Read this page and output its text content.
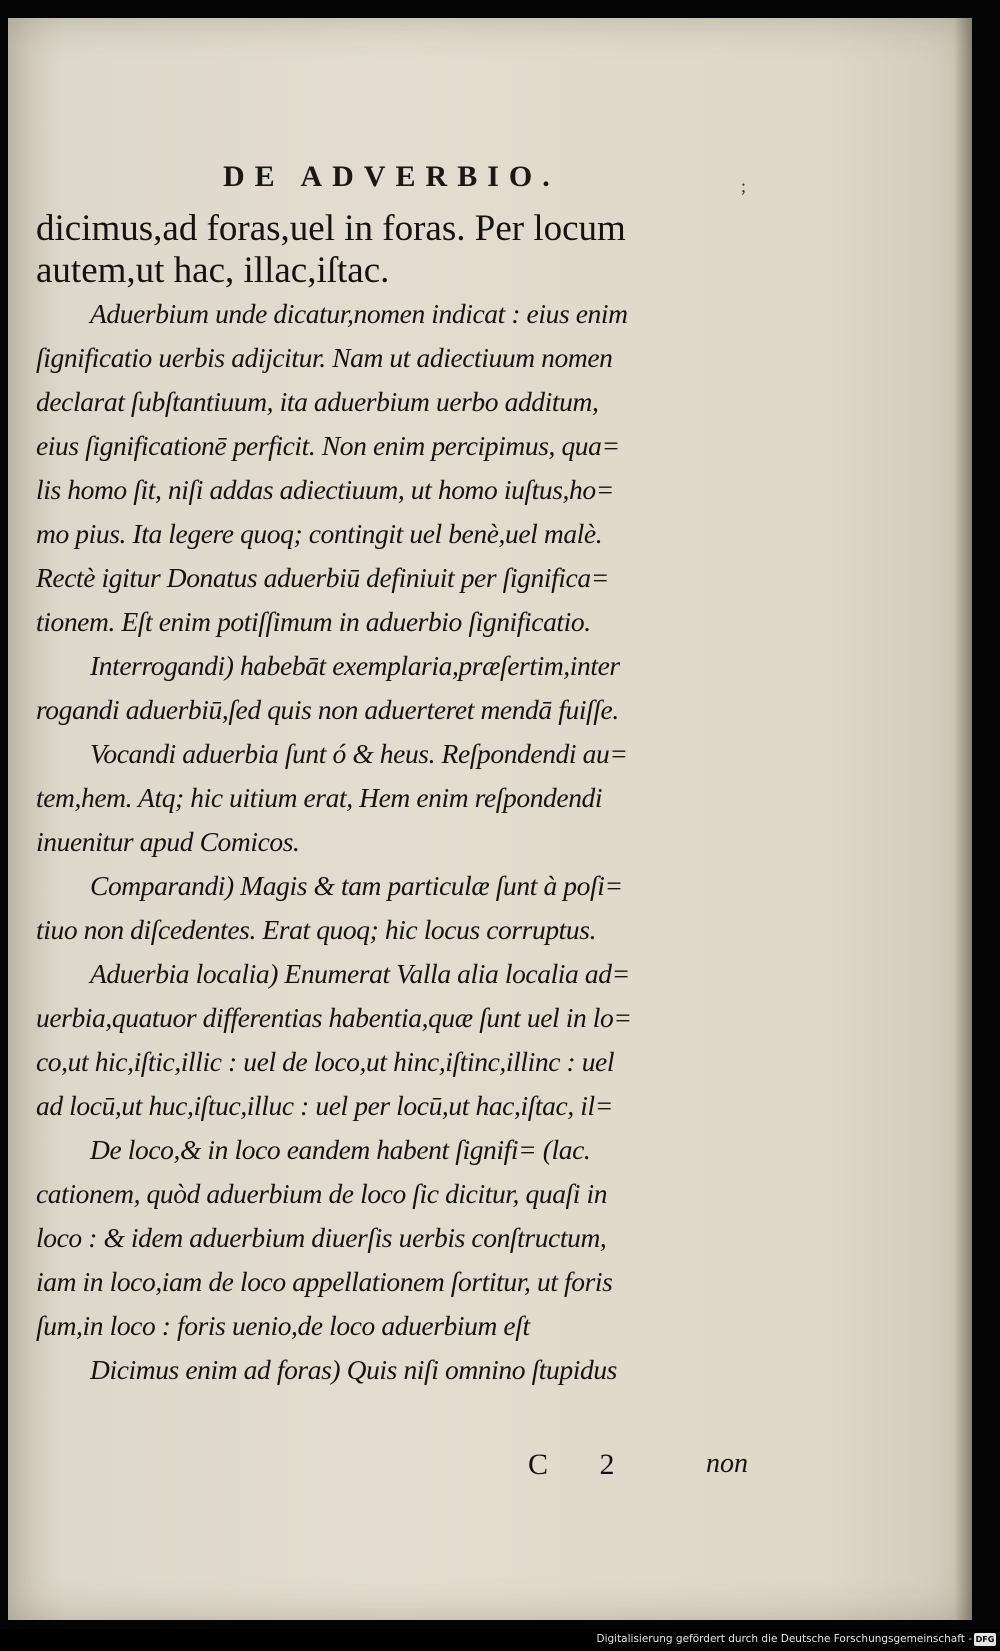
DE ADVERBIO.	;
dicimus,ad foras,uel in foras. Per locum
autem,ut hac, illac,iſtac.
Aduerbium unde dicatur,nomen indicat : eius enim
ſignificatio uerbis adijcitur. Nam ut adiectiuum nomen
declarat ſubſtantiuum, ita aduerbium uerbo additum,
eius ſignificationē perficit. Non enim percipimus, qua=
lis homo ſit, niſi addas adiectiuum, ut homo iuſtus,ho=
mo pius. Ita legere quoq; contingit uel benè,uel malè.
Rectè igitur Donatus aduerbiū definiuit per ſignifica=
tionem. Eſt enim potiſſimum in aduerbio ſignificatio.
Interrogandi) habebāt exemplaria,præſertim,inter
rogandi aduerbiū,ſed quis non aduerteret mendā fuiſſe.
Vocandi aduerbia ſunt ó & heus. Reſpondendi au=
tem,hem. Atq; hic uitium erat, Hem enim reſpondendi
inuenitur apud Comicos.
Comparandi) Magis & tam particulæ ſunt à poſi=
tiuo non diſcedentes. Erat quoq; hic locus corruptus.
Aduerbia localia) Enumerat Valla alia localia ad=
uerbia,quatuor differentias habentia,quæ ſunt uel in lo=
co,ut hic,iſtic,illic : uel de loco,ut hinc,iſtinc,illinc : uel
ad locū,ut huc,iſtuc,illuc : uel per locū,ut hac,iſtac, il=
De loco,& in loco eandem habent ſignifi= (lac.
cationem, quòd aduerbium de loco ſic dicitur, quaſi in
loco : & idem aduerbium diuerſis uerbis conſtructum,
iam in loco,iam de loco appellationem ſortitur, ut foris
ſum,in loco : foris uenio,de loco aduerbium eſt
Dicimus enim ad foras) Quis niſi omnino ſtupidus
C 2 non
Digitalisierung gefördert durch die Deutsche Forschungsgemeinschaft - DFG
